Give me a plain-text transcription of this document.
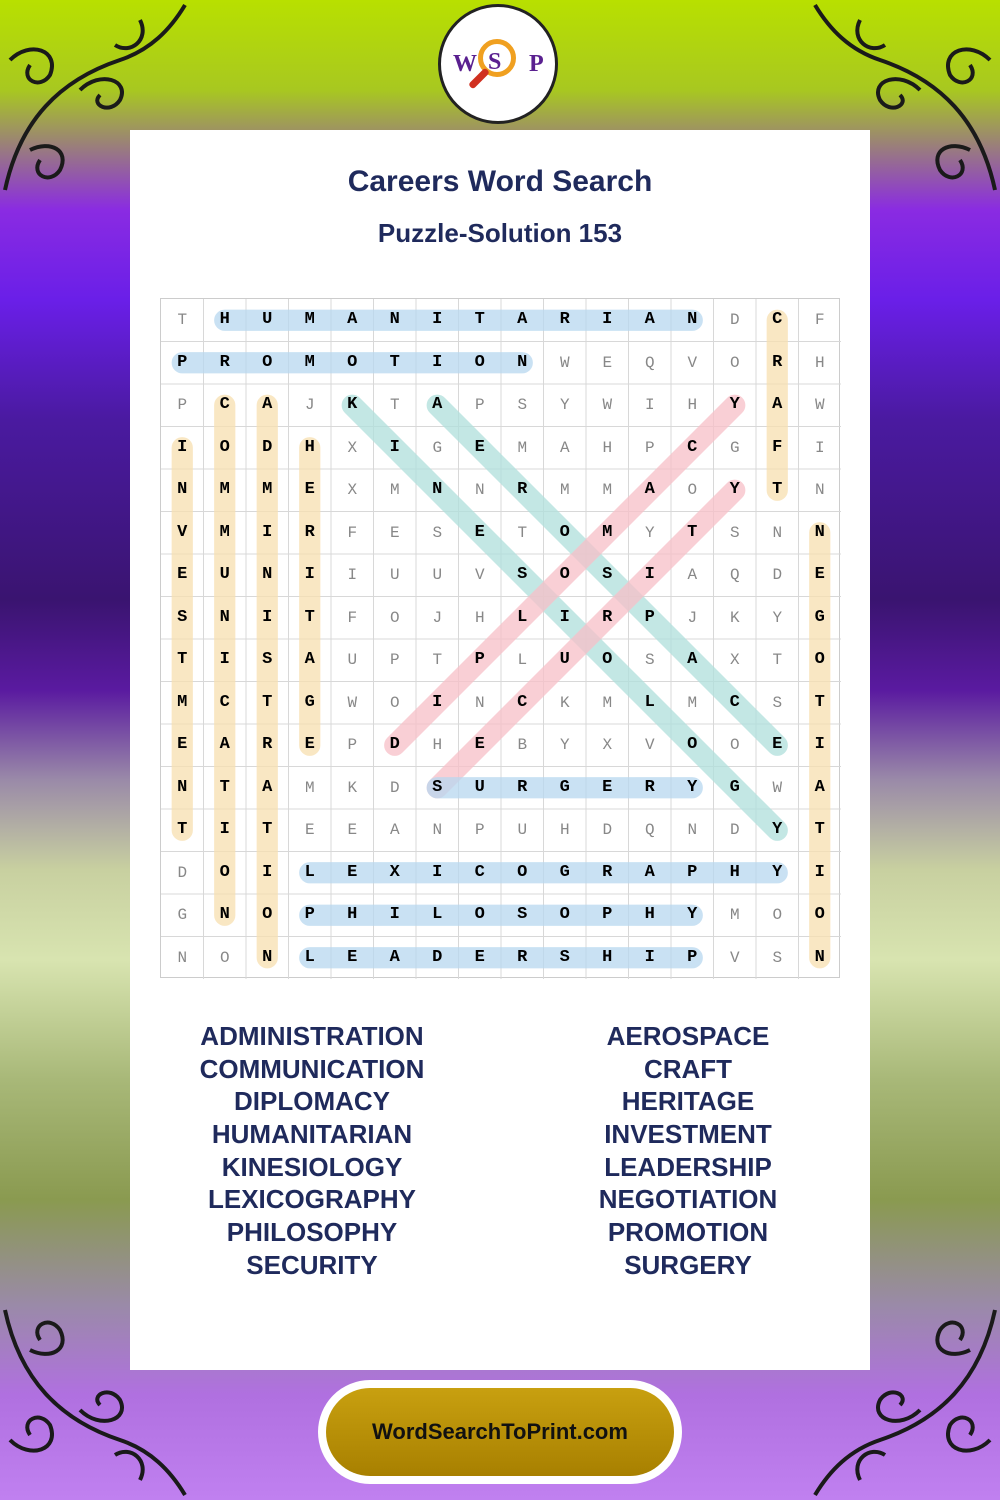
W S P
Careers Word Search
Puzzle-Solution 153
T	H	U	M	A	N	I	T	A	R	I	A	N	D	C	F
P	R	O	M	O	T	I	O	N	W	E	Q	V	O	R	H
P	C	A	J	K	T	A	P	S	Y	W	I	H	Y	A	W
I	O	D	H	X	I	G	E	M	A	H	P	C	G	F	I
N	M	M	E	X	M	N	N	R	M	M	A	O	Y	T	N
V	M	I	R	F	E	S	E	T	O	M	Y	T	S	N	N
E	U	N	I	I	U	U	V	S	O	S	I	A	Q	D	E
S	N	I	T	F	O	J	H	L	I	R	P	J	K	Y	G
T	I	S	A	U	P	T	P	L	U	O	S	A	X	T	O
M	C	T	G	W	O	I	N	C	K	M	L	M	C	S	T
E	A	R	E	P	D	H	E	B	Y	X	V	O	O	E	I
N	T	A	M	K	D	S	U	R	G	E	R	Y	G	W	A
T	I	T	E	E	A	N	P	U	H	D	Q	N	D	Y	T
D	O	I	L	E	X	I	C	O	G	R	A	P	H	Y	I
G	N	O	P	H	I	L	O	S	O	P	H	Y	M	O	O
N	O	N	L	E	A	D	E	R	S	H	I	P	V	S	N
ADMINISTRATION
COMMUNICATION
DIPLOMACY
HUMANITARIAN
KINESIOLOGY
LEXICOGRAPHY
PHILOSOPHY
SECURITY
AEROSPACE
CRAFT
HERITAGE
INVESTMENT
LEADERSHIP
NEGOTIATION
PROMOTION
SURGERY
WordSearchToPrint.com
